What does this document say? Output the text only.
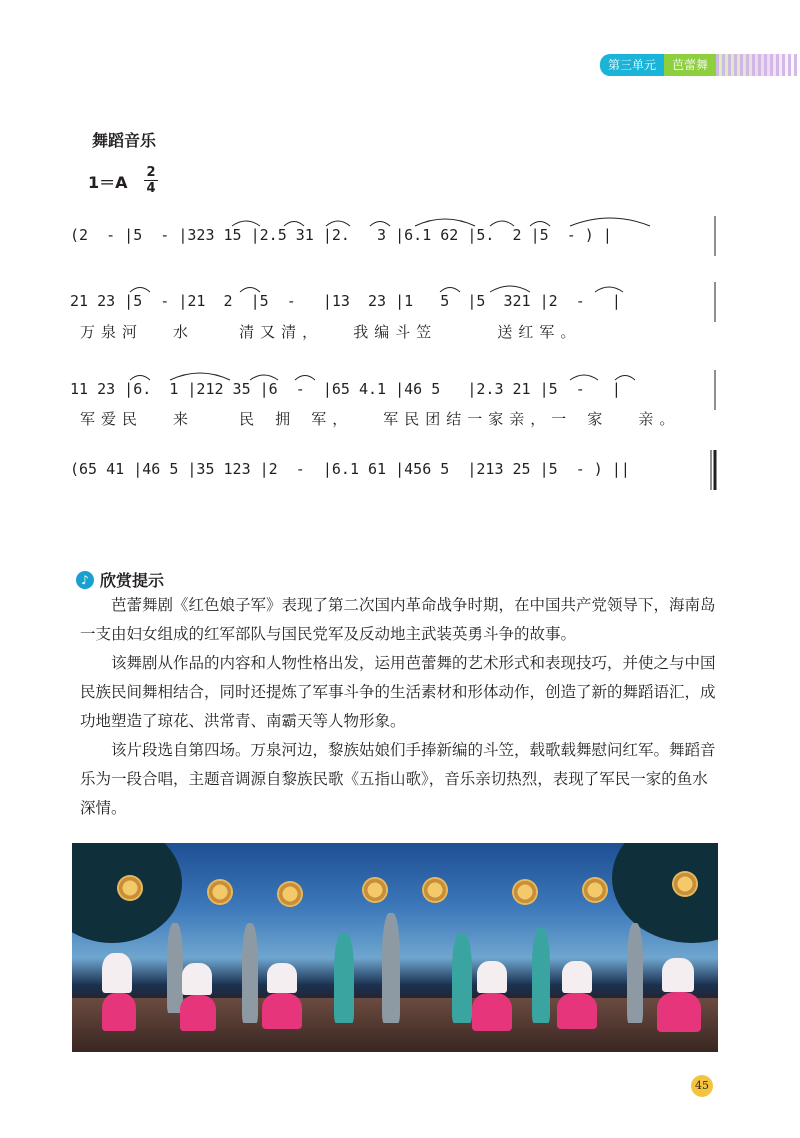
第三单元	芭蕾舞
舞蹈音乐
1＝A
2
4
(2  - |5  - |323 15 |2.5 31 |2.   3 |6.1 62 |5.  2 |5  - ) |
21 23 |5  - |21  2  |5  -   |13  23 |1   5  |5  321 |2  -   |
万泉河  水   清又清，  我编斗笠    送红军。
11 23 |6.  1 |212 35 |6  -  |65 4.1 |46 5   |2.3 21 |5  -   |
军爱民  来   民 拥 军，  军民团结一家亲，一 家  亲。
(65 41 |46 5 |35 123 |2  -  |6.1 61 |456 5  |213 25 |5  - ) ||
♪ 欣赏提示
芭蕾舞剧《红色娘子军》表现了第二次国内革命战争时期，在中国共产党领导下，海南岛一支由妇女组成的红军部队与国民党军及反动地主武装英勇斗争的故事。
该舞剧从作品的内容和人物性格出发，运用芭蕾舞的艺术形式和表现技巧，并使之与中国民族民间舞相结合，同时还提炼了军事斗争的生活素材和形体动作，创造了新的舞蹈语汇，成功地塑造了琼花、洪常青、南霸天等人物形象。
该片段选自第四场。万泉河边，黎族姑娘们手捧新编的斗笠，载歌载舞慰问红军。舞蹈音乐为一段合唱，主题音调源自黎族民歌《五指山歌》，音乐亲切热烈，表现了军民一家的鱼水深情。
45
